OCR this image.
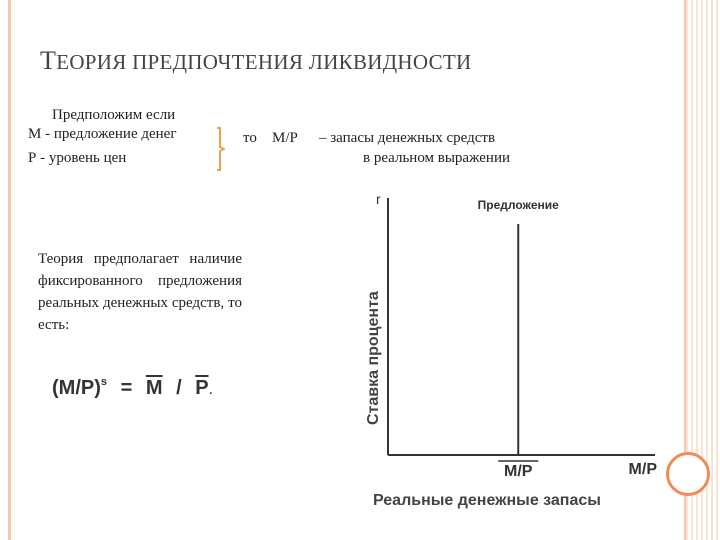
ТЕОРИЯ ПРЕДПОЧТЕНИЯ ЛИКВИДНОСТИ
Предположим если
М - предложение денег
Р - уровень цен
то М/Р – запасы денежных средств
в реальном выражении
Теория предполагает наличие фиксированного предложения реальных денежных средств, то есть:
$(M/P)^s = \overline{M} / \overline{P}$.
r
Ставка процента
M/P
Реальные денежные запасы
Предложение
M/P
